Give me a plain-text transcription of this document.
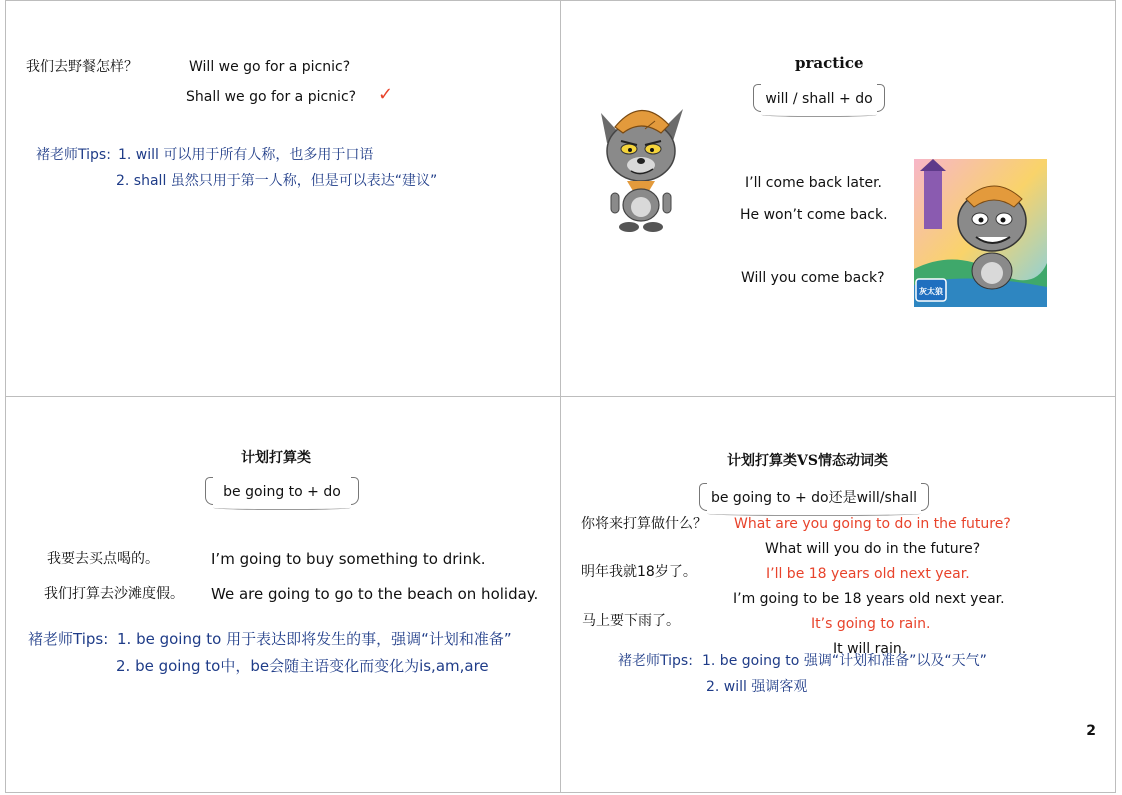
我们去野餐怎样？	Will we go for a picnic?
Shall we go for a picnic? ✓
褚老师Tips: 1. will 可以用于所有人称，也多用于口语
2. shall 虽然只用于第一人称，但是可以表达“建议”
practice
will / shall + do
I’ll come back later.
He won’t come back.
Will you come back?
灰太狼
计划打算类
be going to + do
我要去买点喝的。	I’m going to buy something to drink.
我们打算去沙滩度假。 We are going to go to the beach on holiday.
褚老师Tips: 1. be going to 用于表达即将发生的事，强调“计划和准备”
2. be going to中，be会随主语变化而变化为is,am,are
计划打算类VS情态动词类
be going to + do还是will/shall
你将来打算做什么？ What are you going to do in the future?
What will you do in the future?
明年我就18岁了。	I’ll be 18 years old next year.
I’m going to be 18 years old next year.
马上要下雨了。	It’s going to rain.
It will rain.
褚老师Tips: 1. be going to 强调“计划和准备”以及“天气”
2. will 强调客观
2
